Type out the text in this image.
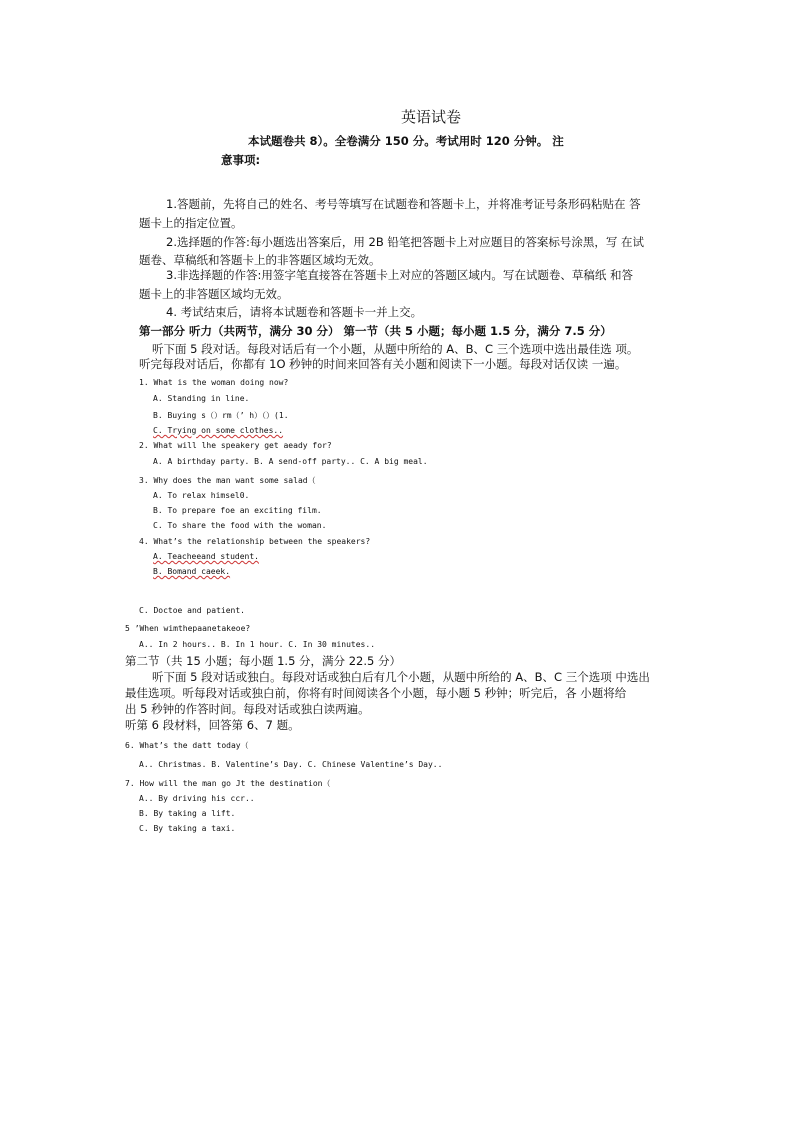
英语试卷
本试题卷共 8）。全卷满分 150 分。考试用时 120 分钟。 注
意事项:
1.答题前，先将自己的姓名、考号等填写在试题卷和答题卡上，并将准考证号条形码粘贴在 答
题卡上的指定位置。
2.选择题的作答:每小题选出答案后，用 2B 铅笔把答题卡上对应题目的答案标号涂黑，写 在试
题卷、草稿纸和答题卡上的非答题区域均无效。
3.非选择题的作答:用签字笔直接答在答题卡上对应的答题区域内。写在试题卷、草稿纸 和答
题卡上的非答题区域均无效。
4. 考试结束后，请将本试题卷和答题卡一并上交。
第一部分 听力（共两节，满分 30 分） 第一节（共 5 小题；每小题 1.5 分，满分 7.5 分）
听下面 5 段对话。每段对话后有一个小题，从题中所给的 A、B、C 三个选项中选出最佳选 项。
听完每段对话后，你都有 1O 秒钟的时间来回答有关小题和阅读下一小题。每段对话仅读 一遍。
1. What is the woman doing now?
A. Standing in line.
B. Buying s（）rm（’ h）（）(1.
C. Trying on some clothes..
2. What will lhe speakery get aeady for?
A. A birthday party. B. A send-off party.. C. A big meal.
3. Why does the man want some salad（
A. To relax himsel0.
B. To prepare foe an exciting film.
C. To share the food with the woman.
4. What’s the relationship between the speakers?
A. Teacheeand student.
B. Bomand caeek.
C. Doctoe and patient.
5 ’When wimthepaanetakeoe?
A.. In 2 hours.. B. In 1 hour. C. In 30 minutes..
第二节（共 15 小题；每小题 1.5 分，满分 22.5 分）
听下面 5 段对话或独白。每段对话或独白后有几个小题，从题中所给的 A、B、C 三个选项 中选出
最佳选项。听每段对话或独白前，你将有时间阅读各个小题，每小题 5 秒钟；听完后，各 小题将给
出 5 秒钟的作答时间。每段对话或独白读两遍。
听第 6 段材料，回答第 6、7 题。
6. What’s the datt today（
A.. Christmas. B. Valentine’s Day. C. Chinese Valentine’s Day..
7. How will the man go Jt the destination（
A.. By driving his ccr..
B. By taking a lift.
C. By taking a taxi.
